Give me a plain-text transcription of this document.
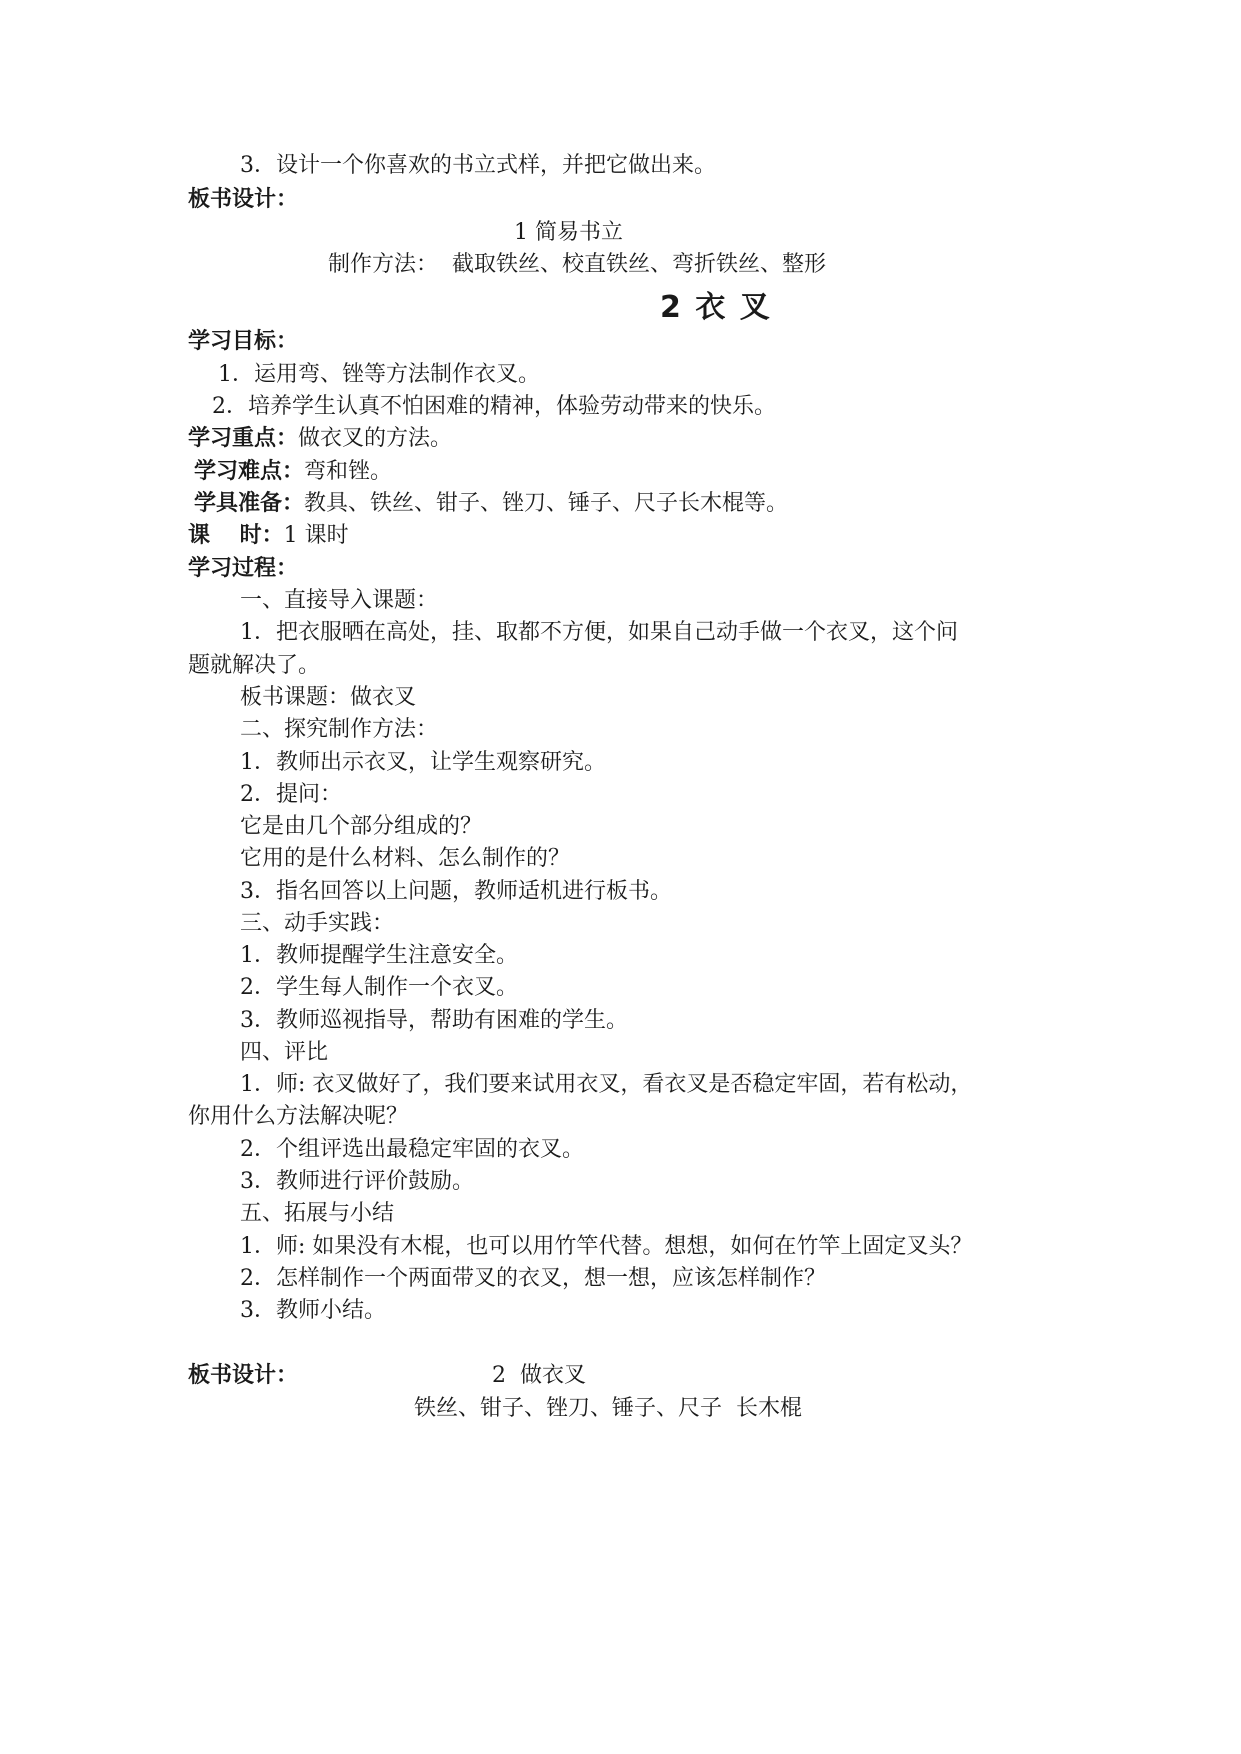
3．设计一个你喜欢的书立式样，并把它做出来。
板书设计：
1 简易书立
制作方法：  截取铁丝、校直铁丝、弯折铁丝、整形
2 衣 叉
学习目标：
1．运用弯、锉等方法制作衣叉。
2．培养学生认真不怕困难的精神，体验劳动带来的快乐。
学习重点：做衣叉的方法。
学习难点：弯和锉。
学具准备：教具、铁丝、钳子、锉刀、锤子、尺子长木棍等。
课　 时：1 课时
学习过程：
一、直接导入课题：
1．把衣服晒在高处，挂、取都不方便，如果自己动手做一个衣叉，这个问
题就解决了。
板书课题：做衣叉
二、探究制作方法：
1．教师出示衣叉，让学生观察研究。
2．提问：
它是由几个部分组成的？
它用的是什么材料、怎么制作的？
3．指名回答以上问题，教师适机进行板书。
三、动手实践：
1．教师提醒学生注意安全。
2．学生每人制作一个衣叉。
3．教师巡视指导，帮助有困难的学生。
四、评比
1．师: 衣叉做好了，我们要来试用衣叉，看衣叉是否稳定牢固，若有松动，
你用什么方法解决呢？
2．个组评选出最稳定牢固的衣叉。
3．教师进行评价鼓励。
五、拓展与小结
1．师: 如果没有木棍，也可以用竹竿代替。想想，如何在竹竿上固定叉头？
2．怎样制作一个两面带叉的衣叉，想一想，应该怎样制作？
3．教师小结。
板书设计：	2  做衣叉
铁丝、钳子、锉刀、锤子、尺子  长木棍
